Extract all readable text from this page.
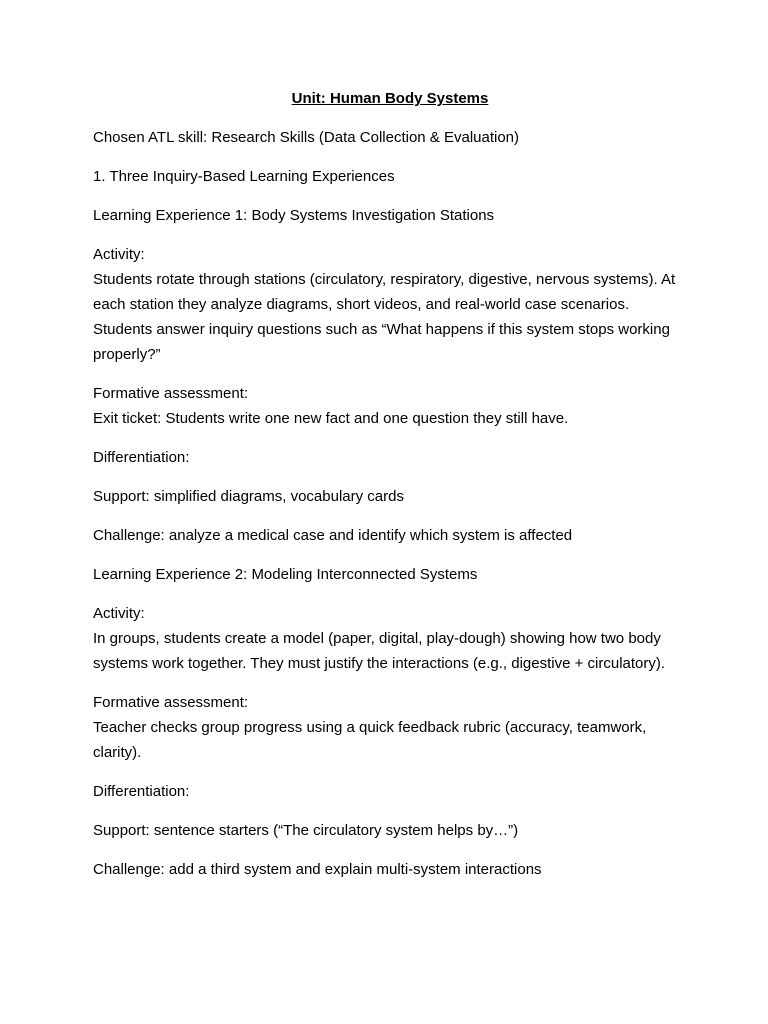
Unit: Human Body Systems

Chosen ATL skill: Research Skills (Data Collection & Evaluation)

1. Three Inquiry-Based Learning Experiences

Learning Experience 1: Body Systems Investigation Stations

Activity:
Students rotate through stations (circulatory, respiratory, digestive, nervous systems). At each station they analyze diagrams, short videos, and real-world case scenarios. Students answer inquiry questions such as “What happens if this system stops working properly?”

Formative assessment:
Exit ticket: Students write one new fact and one question they still have.

Differentiation:

Support: simplified diagrams, vocabulary cards

Challenge: analyze a medical case and identify which system is affected

Learning Experience 2: Modeling Interconnected Systems

Activity:
In groups, students create a model (paper, digital, play-dough) showing how two body systems work together. They must justify the interactions (e.g., digestive + circulatory).

Formative assessment:
Teacher checks group progress using a quick feedback rubric (accuracy, teamwork, clarity).

Differentiation:

Support: sentence starters (“The circulatory system helps by…”)

Challenge: add a third system and explain multi-system interactions
